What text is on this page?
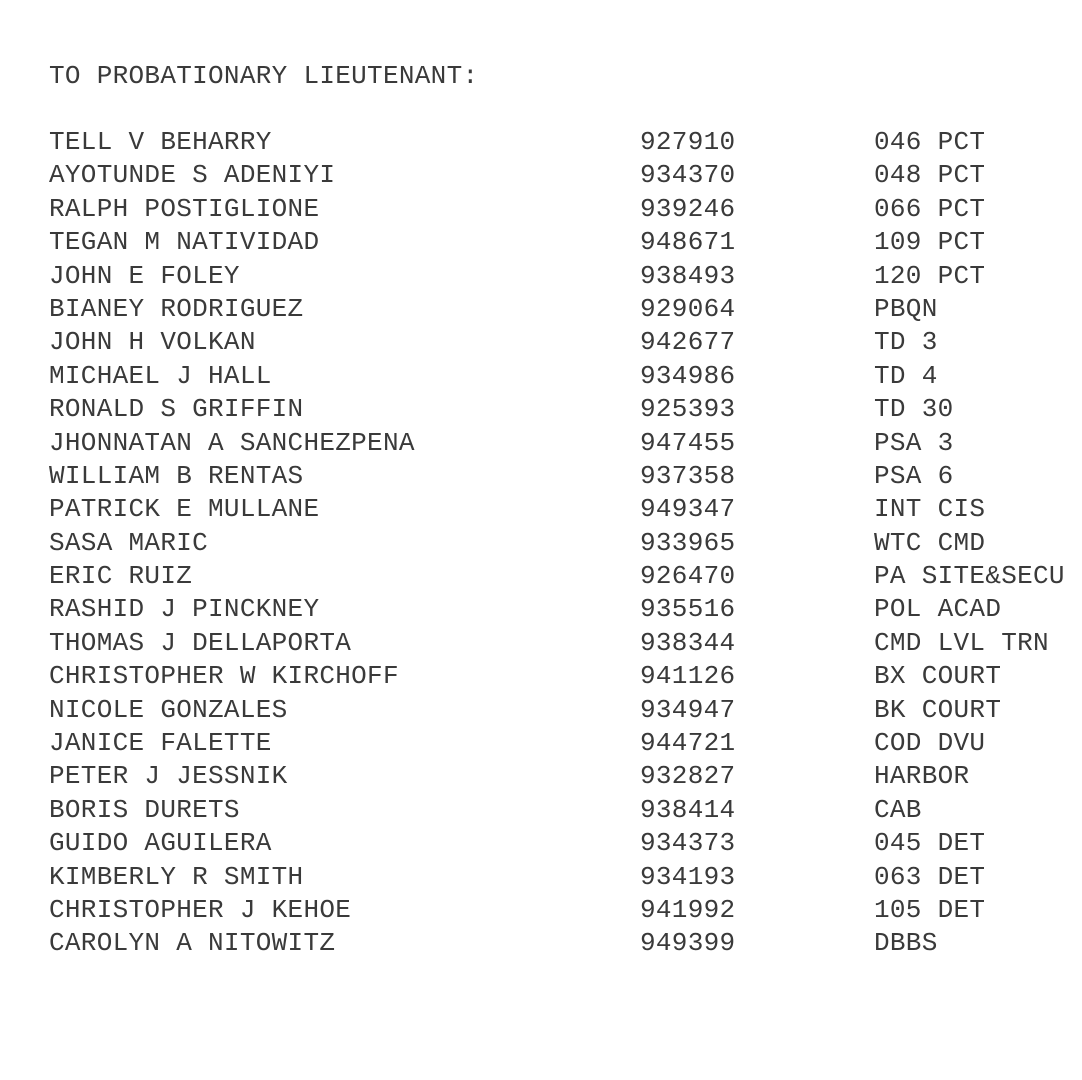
TO PROBATIONARY LIEUTENANT:
TELL V BEHARRY	927910	046 PCT
AYOTUNDE S ADENIYI	934370	048 PCT
RALPH POSTIGLIONE	939246	066 PCT
TEGAN M NATIVIDAD	948671	109 PCT
JOHN E FOLEY	938493	120 PCT
BIANEY RODRIGUEZ	929064	PBQN
JOHN H VOLKAN	942677	TD 3
MICHAEL J HALL	934986	TD 4
RONALD S GRIFFIN	925393	TD 30
JHONNATAN A SANCHEZPENA	947455	PSA 3
WILLIAM B RENTAS	937358	PSA 6
PATRICK E MULLANE	949347	INT CIS
SASA MARIC	933965	WTC CMD
ERIC RUIZ	926470	PA SITE&SECU
RASHID J PINCKNEY	935516	POL ACAD
THOMAS J DELLAPORTA	938344	CMD LVL TRN
CHRISTOPHER W KIRCHOFF	941126	BX COURT
NICOLE GONZALES	934947	BK COURT
JANICE FALETTE	944721	COD DVU
PETER J JESSNIK	932827	HARBOR
BORIS DURETS	938414	CAB
GUIDO AGUILERA	934373	045 DET
KIMBERLY R SMITH	934193	063 DET
CHRISTOPHER J KEHOE	941992	105 DET
CAROLYN A NITOWITZ	949399	DBBS
